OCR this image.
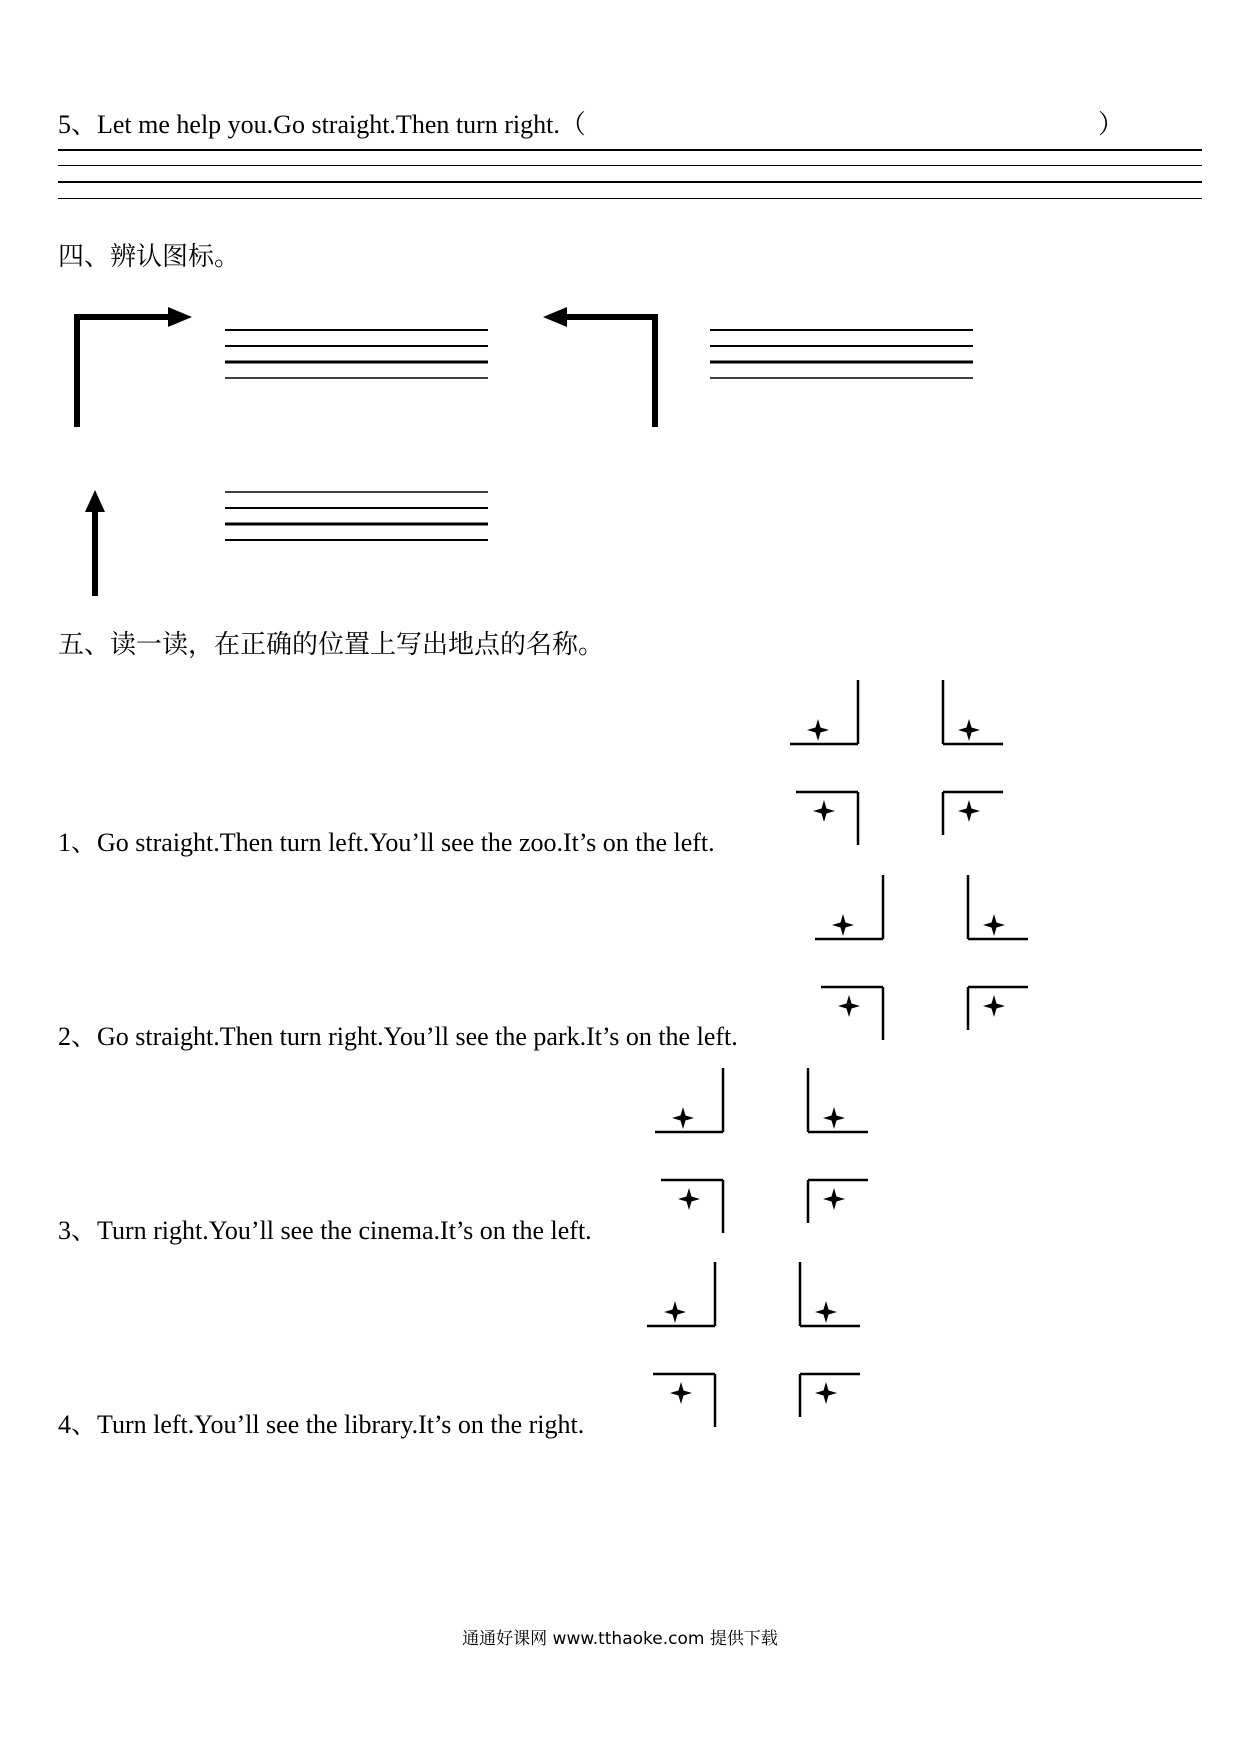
5、Let me help you.Go straight.Then turn right.（	）
四、辨认图标。
五、读一读，在正确的位置上写出地点的名称。
1、Go straight.Then turn left.You’ll see the zoo.It’s on the left.
2、Go straight.Then turn right.You’ll see the park.It’s on the left.
3、Turn right.You’ll see the cinema.It’s on the left.
4、Turn left.You’ll see the library.It’s on the right.
通通好课网 www.tthaoke.com 提供下载
